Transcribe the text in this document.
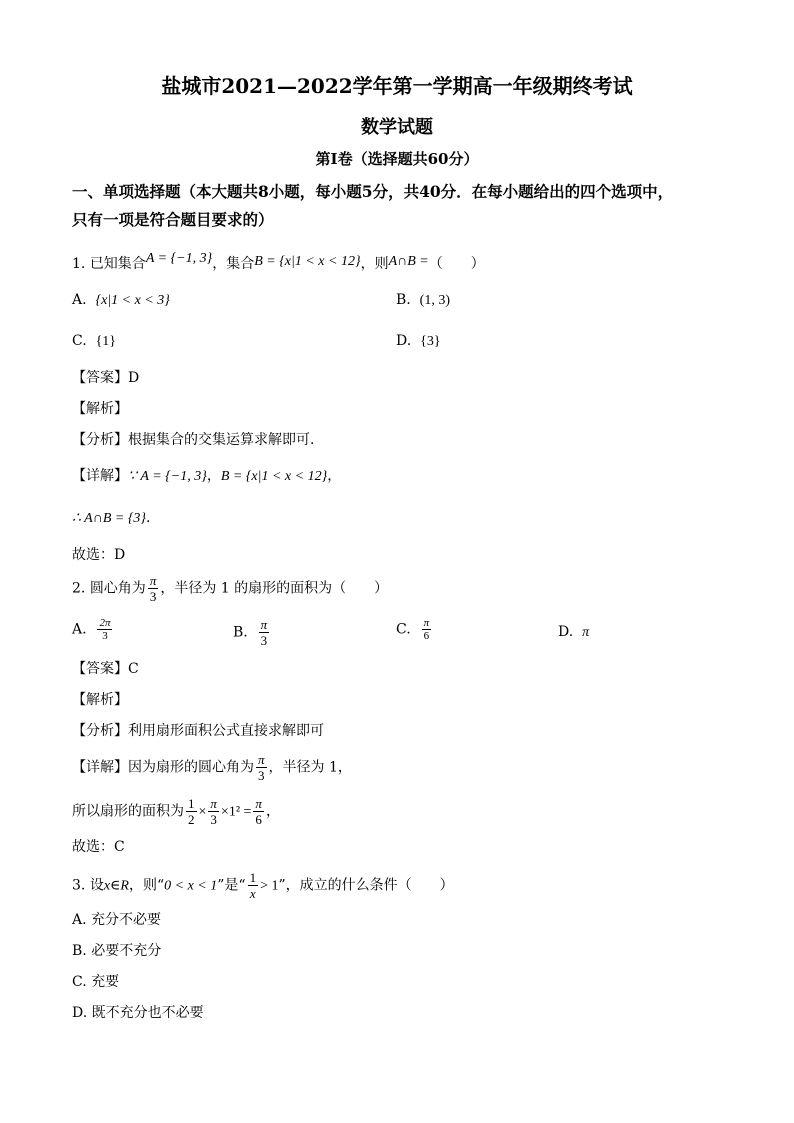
盐城市2021—2022学年第一学期高一年级期终考试
数学试题
第I卷（选择题共60分）
一、单项选择题（本大题共8小题，每小题5分，共40分．在每小题给出的四个选项中，
只有一项是符合题目要求的）
1. 已知集合A = {−1, 3}，集合B = {x|1 < x < 12}，则A∩B =（　　）
A. {x|1 < x < 3}	B. (1, 3)
C. {1}	D. {3}
【答案】D
【解析】
【分析】根据集合的交集运算求解即可.
【详解】∵ A = {−1, 3}，B = {x|1 < x < 12}，
∴ A∩B = {3}.
故选：D
2. 圆心角为 $\frac{\pi}{3}$ ，半径为 1 的扇形的面积为（　　）
A. $\frac{2\pi}{3}$	B. $\frac{\pi}{3}$	C. $\frac{\pi}{6}$	D. π
【答案】C
【解析】
【分析】利用扇形面积公式直接求解即可
【详解】因为扇形的圆心角为 $\frac{\pi}{3}$ ，半径为 1，
所以扇形的面积为 $\frac{1}{2} \times \frac{\pi}{3} \times 1^2 = \frac{\pi}{6}$ ，
故选：C
3. 设x∈R，则“0 < x < 1”是“ $\frac{1}{x} > 1$”，成立的什么条件（　　）
A. 充分不必要
B. 必要不充分
C. 充要
D. 既不充分也不必要
